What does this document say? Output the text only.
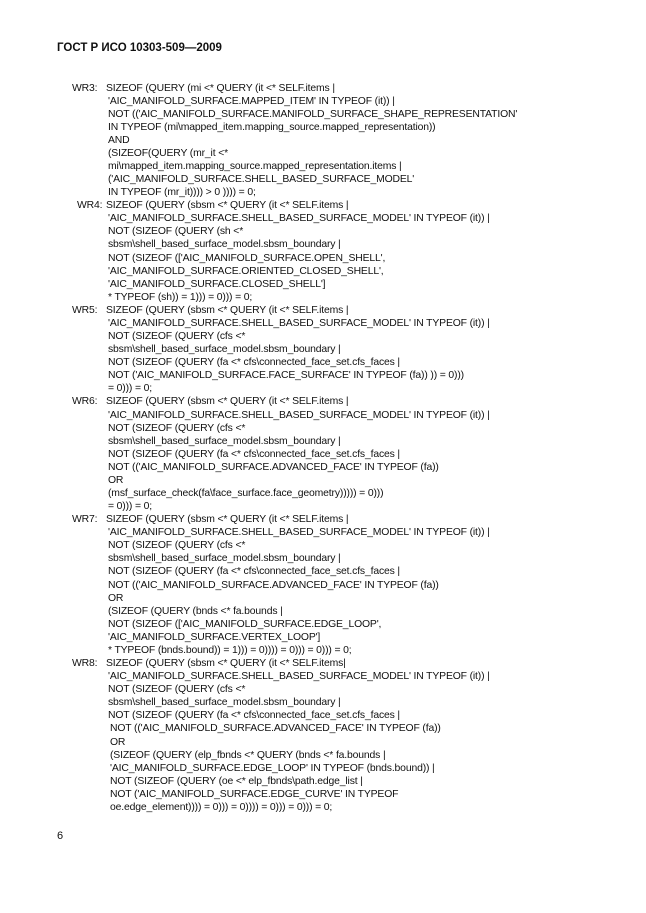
ГОСТ Р ИСО 10303-509—2009
WR3: SIZEOF (QUERY (mi <* QUERY (it <* SELF.items |
'AIC_MANIFOLD_SURFACE.MAPPED_ITEM' IN TYPEOF (it)) |
NOT (('AIC_MANIFOLD_SURFACE.MANIFOLD_SURFACE_SHAPE_REPRESENTATION'
IN TYPEOF (mi\mapped_item.mapping_source.mapped_representation))
AND
(SIZEOF(QUERY (mr_it <*
mi\mapped_item.mapping_source.mapped_representation.items |
('AIC_MANIFOLD_SURFACE.SHELL_BASED_SURFACE_MODEL'
IN TYPEOF (mr_it)))) > 0 )))) = 0;
WR4: SIZEOF (QUERY (sbsm <* QUERY (it <* SELF.items |
'AIC_MANIFOLD_SURFACE.SHELL_BASED_SURFACE_MODEL' IN TYPEOF (it)) |
NOT (SIZEOF (QUERY (sh <*
sbsm\shell_based_surface_model.sbsm_boundary |
NOT (SIZEOF (['AIC_MANIFOLD_SURFACE.OPEN_SHELL',
'AIC_MANIFOLD_SURFACE.ORIENTED_CLOSED_SHELL',
'AIC_MANIFOLD_SURFACE.CLOSED_SHELL']
* TYPEOF (sh)) = 1))) = 0))) = 0;
WR5: SIZEOF (QUERY (sbsm <* QUERY (it <* SELF.items |
'AIC_MANIFOLD_SURFACE.SHELL_BASED_SURFACE_MODEL' IN TYPEOF (it)) |
NOT (SIZEOF (QUERY (cfs <*
sbsm\shell_based_surface_model.sbsm_boundary |
NOT (SIZEOF (QUERY (fa <* cfs\connected_face_set.cfs_faces |
NOT ('AIC_MANIFOLD_SURFACE.FACE_SURFACE' IN TYPEOF (fa)) )) = 0)))
= 0))) = 0;
WR6: SIZEOF (QUERY (sbsm <* QUERY (it <* SELF.items |
'AIC_MANIFOLD_SURFACE.SHELL_BASED_SURFACE_MODEL' IN TYPEOF (it)) |
NOT (SIZEOF (QUERY (cfs <*
sbsm\shell_based_surface_model.sbsm_boundary |
NOT (SIZEOF (QUERY (fa <* cfs\connected_face_set.cfs_faces |
NOT (('AIC_MANIFOLD_SURFACE.ADVANCED_FACE' IN TYPEOF (fa))
OR
(msf_surface_check(fa\face_surface.face_geometry))))) = 0)))
= 0))) = 0;
WR7: SIZEOF (QUERY (sbsm <* QUERY (it <* SELF.items |
'AIC_MANIFOLD_SURFACE.SHELL_BASED_SURFACE_MODEL' IN TYPEOF (it)) |
NOT (SIZEOF (QUERY (cfs <*
sbsm\shell_based_surface_model.sbsm_boundary |
NOT (SIZEOF (QUERY (fa <* cfs\connected_face_set.cfs_faces |
NOT (('AIC_MANIFOLD_SURFACE.ADVANCED_FACE' IN TYPEOF (fa))
OR
(SIZEOF (QUERY (bnds <* fa.bounds |
NOT (SIZEOF (['AIC_MANIFOLD_SURFACE.EDGE_LOOP',
'AIC_MANIFOLD_SURFACE.VERTEX_LOOP']
* TYPEOF (bnds.bound)) = 1))) = 0)))) = 0))) = 0))) = 0;
WR8: SIZEOF (QUERY (sbsm <* QUERY (it <* SELF.items|
'AIC_MANIFOLD_SURFACE.SHELL_BASED_SURFACE_MODEL' IN TYPEOF (it)) |
NOT (SIZEOF (QUERY (cfs <*
sbsm\shell_based_surface_model.sbsm_boundary |
NOT (SIZEOF (QUERY (fa <* cfs\connected_face_set.cfs_faces |
NOT (('AIC_MANIFOLD_SURFACE.ADVANCED_FACE' IN TYPEOF (fa))
OR
(SIZEOF (QUERY (elp_fbnds <* QUERY (bnds <* fa.bounds |
'AIC_MANIFOLD_SURFACE.EDGE_LOOP' IN TYPEOF (bnds.bound)) |
NOT (SIZEOF (QUERY (oe <* elp_fbnds\path.edge_list |
NOT ('AIC_MANIFOLD_SURFACE.EDGE_CURVE' IN TYPEOF
oe.edge_element)))) = 0))) = 0)))) = 0))) = 0))) = 0;
6
